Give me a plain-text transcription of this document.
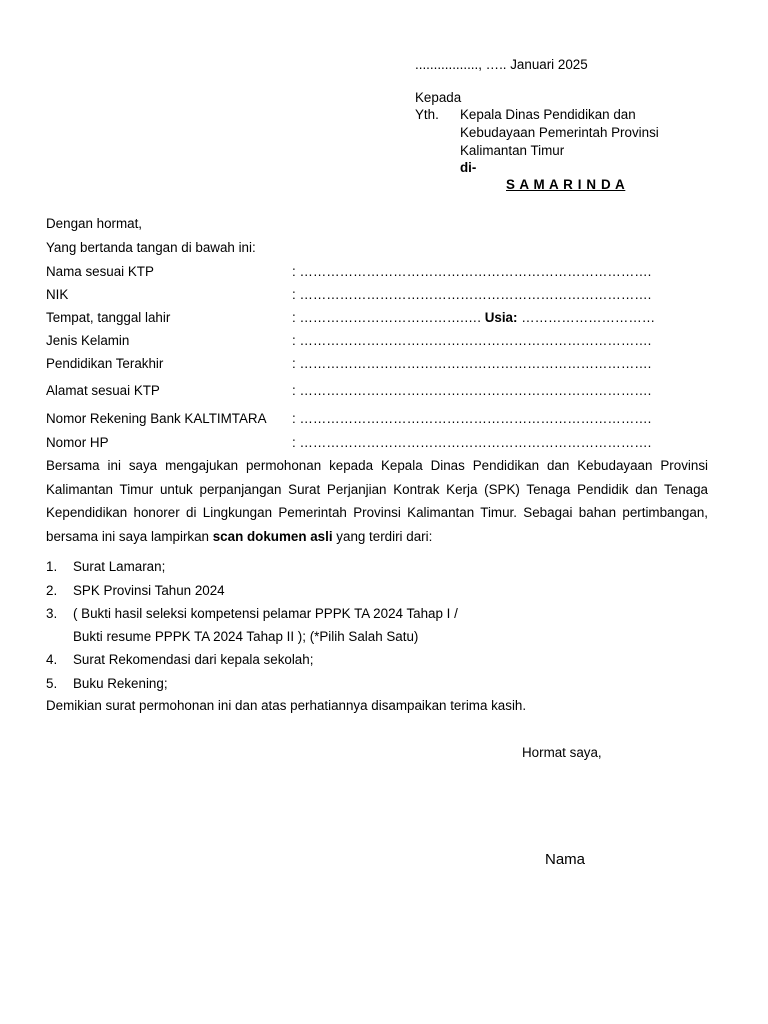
................., ….. Januari 2025
Kepada
Yth. Kepala Dinas Pendidikan dan
Kebudayaan Pemerintah Provinsi
Kalimantan Timur
di-
S A M A R I N D A
Dengan hormat,
Yang bertanda tangan di bawah ini:
Nama sesuai KTP	: …………………………………………………………………….
NIK	: …………………………………………………………………….
Tempat, tanggal lahir	: ……………………………….…. Usia: …………………………
Jenis Kelamin	: …………………………………………………………………….
Pendidikan Terakhir	: …………………………………………………………………….
Alamat sesuai KTP	: …………………………………………………………………….
Nomor Rekening Bank KALTIMTARA : …………………………………………………………………….
Nomor HP	: …………………………………………………………………….
Bersama ini saya mengajukan permohonan kepada Kepala Dinas Pendidikan dan Kebudayaan Provinsi Kalimantan Timur untuk perpanjangan Surat Perjanjian Kontrak Kerja (SPK) Tenaga Pendidik dan Tenaga Kependidikan honorer di Lingkungan Pemerintah Provinsi Kalimantan Timur. Sebagai bahan pertimbangan, bersama ini saya lampirkan scan dokumen asli yang terdiri dari:
1. Surat Lamaran;
2. SPK Provinsi Tahun 2024
3. ( Bukti hasil seleksi kompetensi pelamar PPPK TA 2024 Tahap I /
Bukti resume PPPK TA 2024 Tahap II ); (*Pilih Salah Satu)
4. Surat Rekomendasi dari kepala sekolah;
5. Buku Rekening;
Demikian surat permohonan ini dan atas perhatiannya disampaikan terima kasih.
Hormat saya,
Nama
